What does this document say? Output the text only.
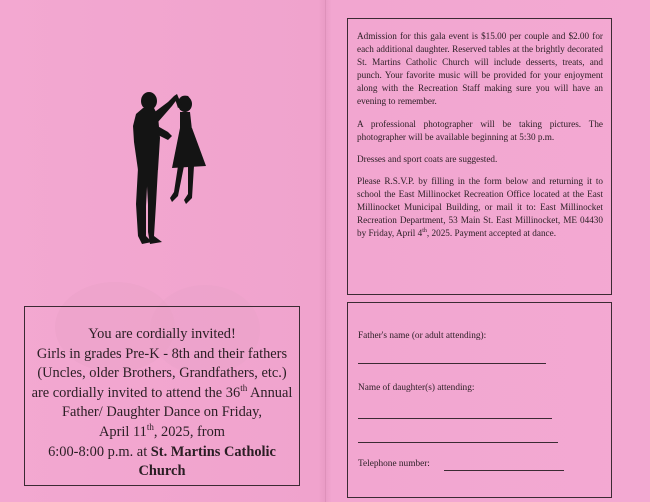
You are cordially invited!
Girls in grades Pre-K - 8th and their fathers
(Uncles, older Brothers, Grandfathers, etc.)
are cordially invited to attend the 36th Annual
Father/ Daughter Dance on Friday,
April 11th, 2025, from
6:00-8:00 p.m. at St. Martins Catholic Church

Admission for this gala event is $15.00 per couple and $2.00 for each additional daughter. Reserved tables at the brightly decorated St. Martins Catholic Church will include desserts, treats, and punch. Your favorite music will be provided for your enjoyment along with the Recreation Staff making sure you will have an evening to remember.

A professional photographer will be taking pictures. The photographer will be available beginning at 5:30 p.m.

Dresses and sport coats are suggested.

Please R.S.V.P. by filling in the form below and returning it to school the East Millinocket Recreation Office located at the East Millinocket Municipal Building, or mail it to: East Millinocket Recreation Department, 53 Main St. East Millinocket, ME 04430 by Friday, April 4th, 2025. Payment accepted at dance.

Father's name (or adult attending):
Name of daughter(s) attending:
Telephone number:
